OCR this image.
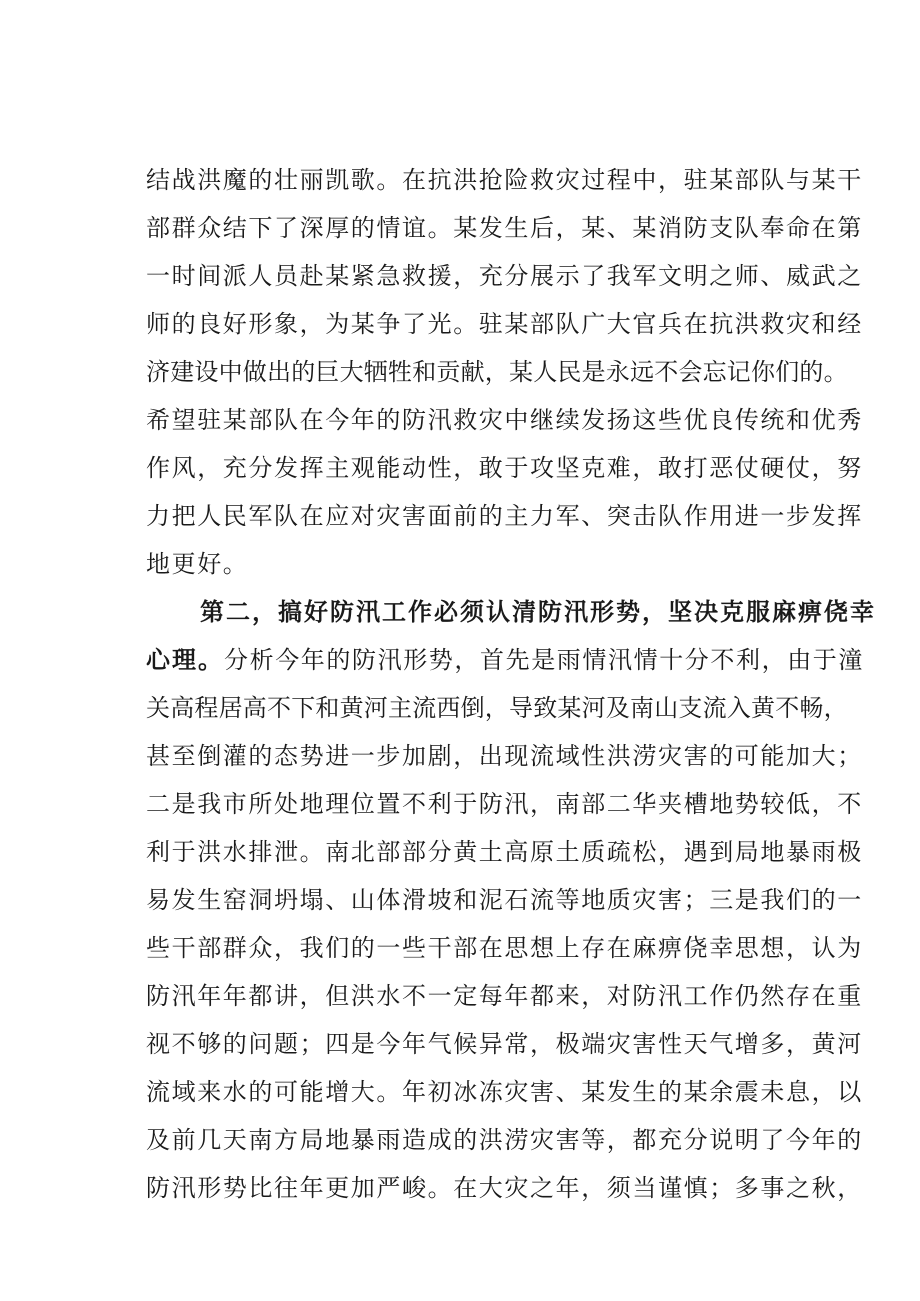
结战洪魔的壮丽凯歌。在抗洪抢险救灾过程中，驻某部队与某干
部群众结下了深厚的情谊。某发生后，某、某消防支队奉命在第
一时间派人员赴某紧急救援，充分展示了我军文明之师、威武之
师的良好形象，为某争了光。驻某部队广大官兵在抗洪救灾和经
济建设中做出的巨大牺牲和贡献，某人民是永远不会忘记你们的。
希望驻某部队在今年的防汛救灾中继续发扬这些优良传统和优秀
作风，充分发挥主观能动性，敢于攻坚克难，敢打恶仗硬仗，努
力把人民军队在应对灾害面前的主力军、突击队作用进一步发挥
地更好。
第二，搞好防汛工作必须认清防汛形势，坚决克服麻痹侥幸
心理。分析今年的防汛形势，首先是雨情汛情十分不利，由于潼
关高程居高不下和黄河主流西倒，导致某河及南山支流入黄不畅，
甚至倒灌的态势进一步加剧，出现流域性洪涝灾害的可能加大；
二是我市所处地理位置不利于防汛，南部二华夹槽地势较低，不
利于洪水排泄。南北部部分黄土高原土质疏松，遇到局地暴雨极
易发生窑洞坍塌、山体滑坡和泥石流等地质灾害；三是我们的一
些干部群众，我们的一些干部在思想上存在麻痹侥幸思想，认为
防汛年年都讲，但洪水不一定每年都来，对防汛工作仍然存在重
视不够的问题；四是今年气候异常，极端灾害性天气增多，黄河
流域来水的可能增大。年初冰冻灾害、某发生的某余震未息，以
及前几天南方局地暴雨造成的洪涝灾害等，都充分说明了今年的
防汛形势比往年更加严峻。在大灾之年，须当谨慎；多事之秋，
